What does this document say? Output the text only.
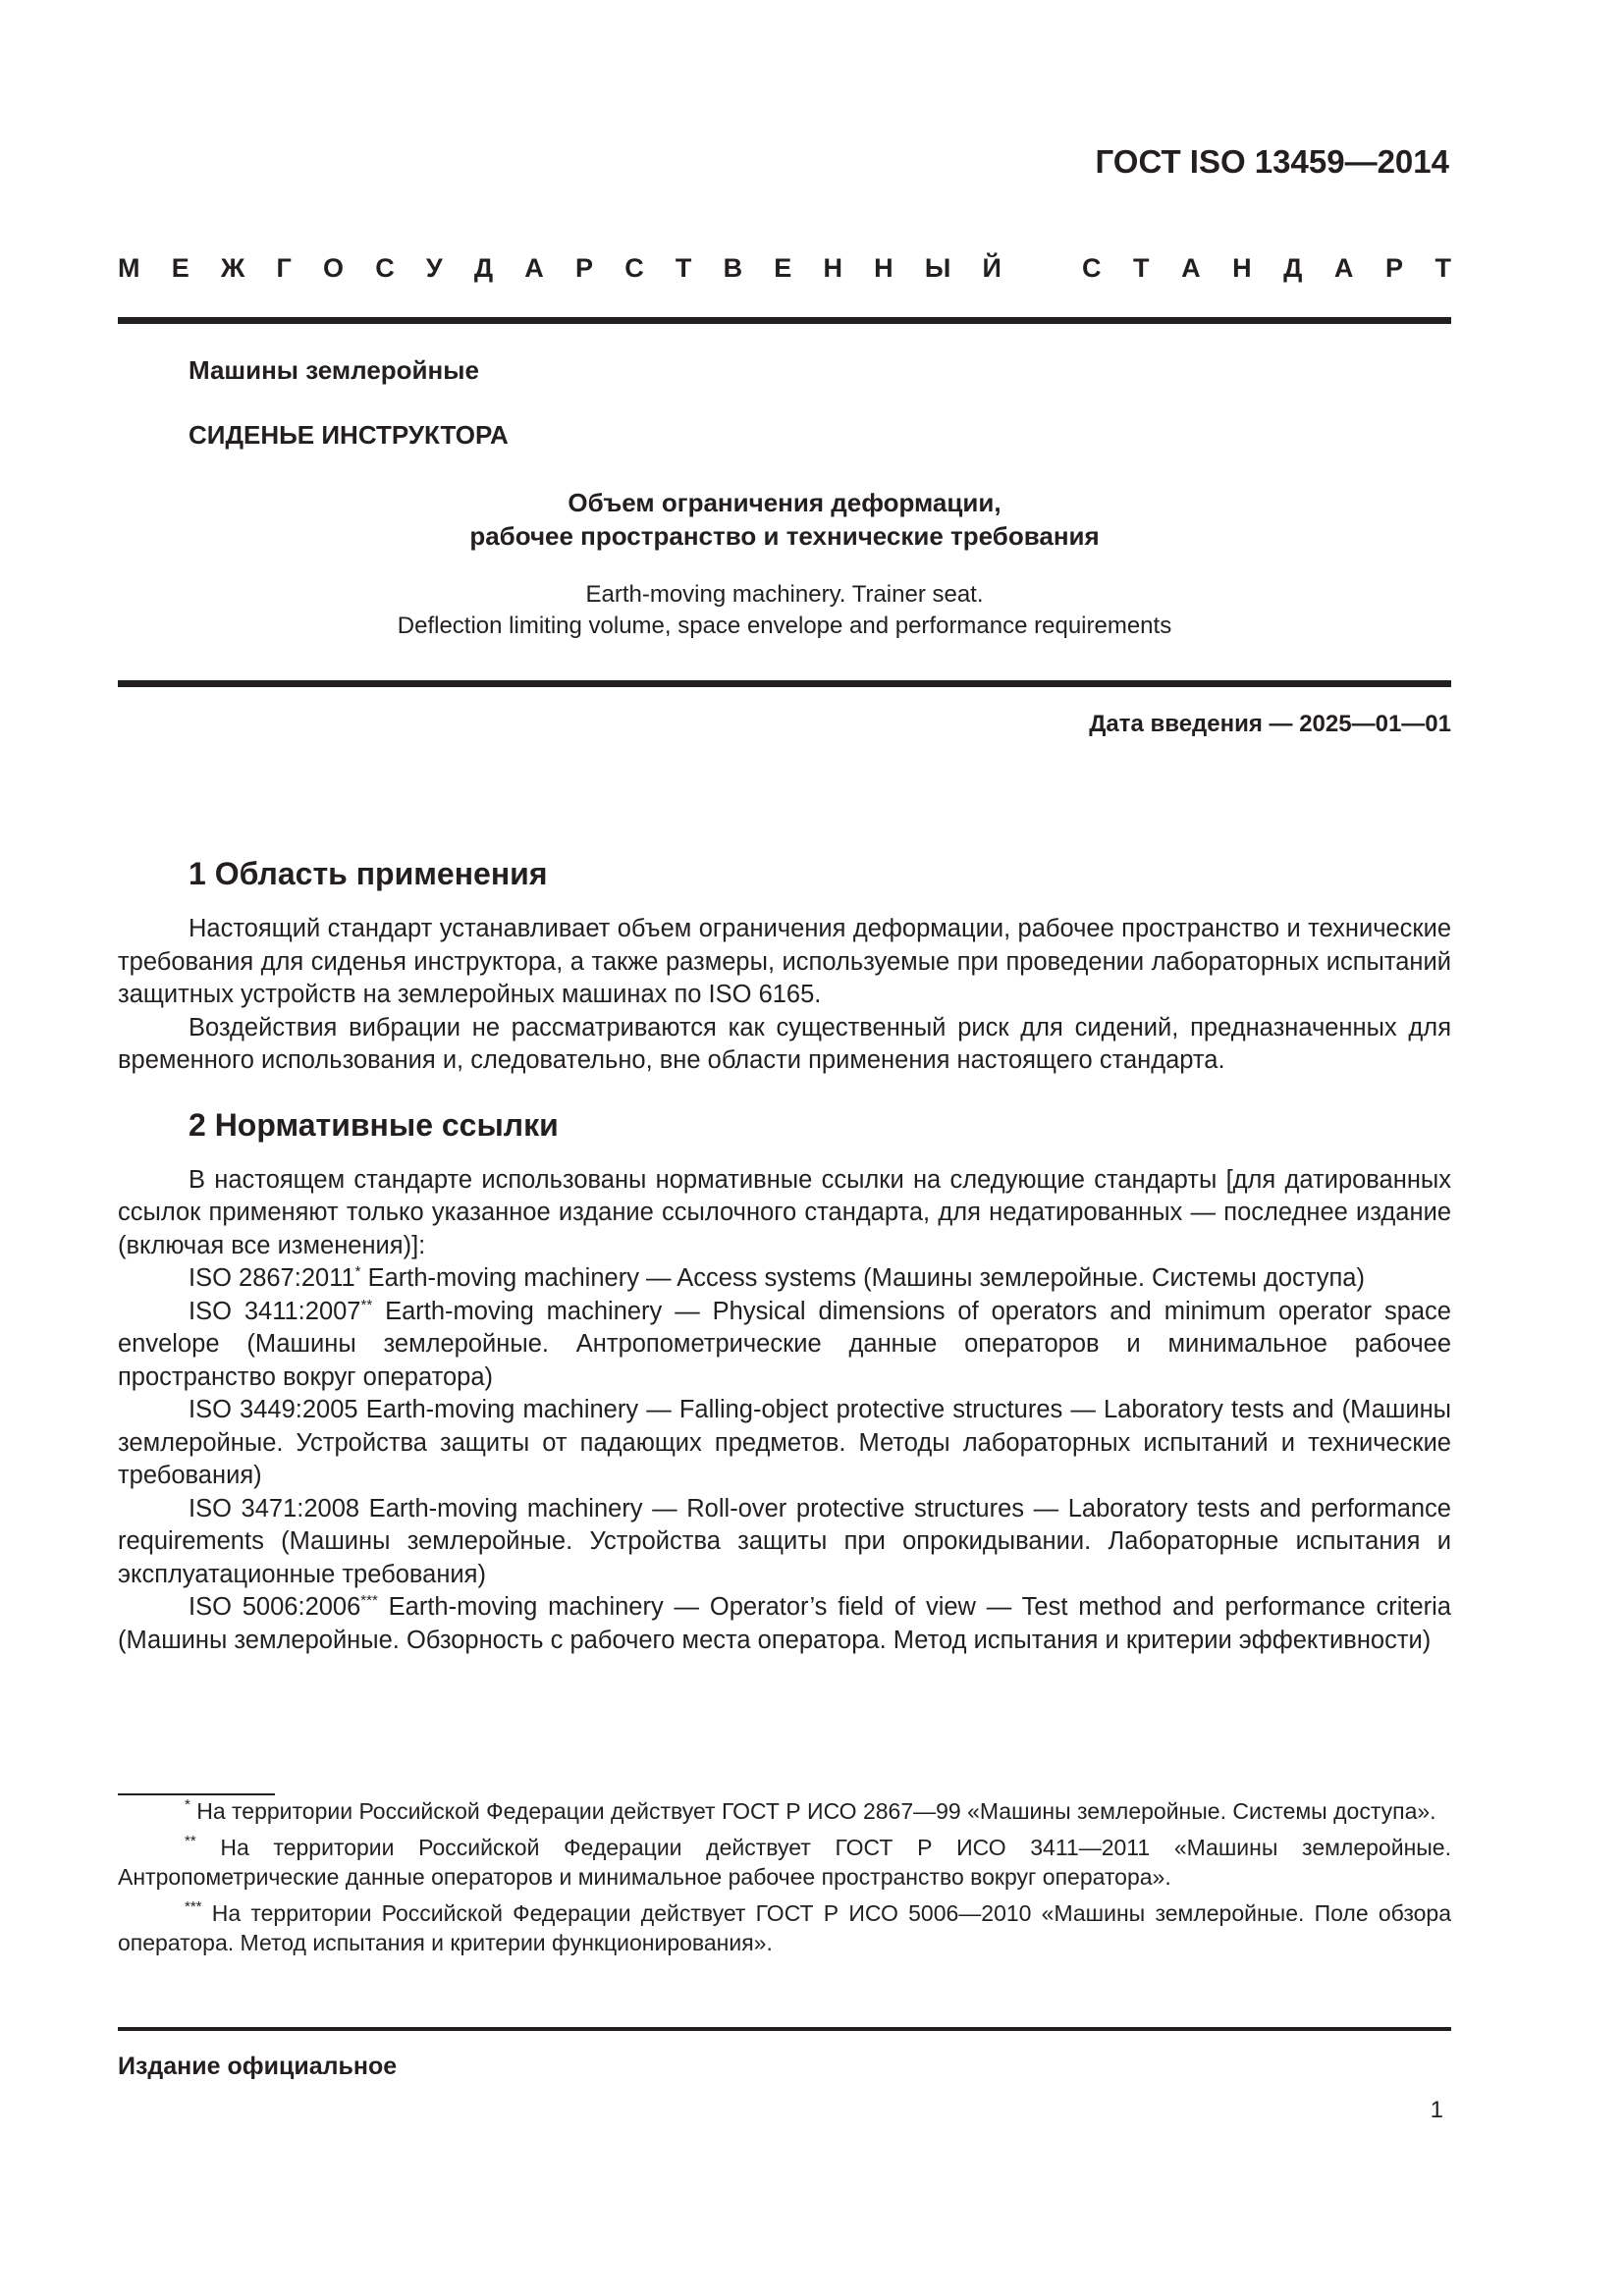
ГОСТ ISO 13459—2014
М Е Ж Г О С У Д А Р С Т В Е Н Н Ы Й	С Т А Н Д А Р Т

Машины землеройные

СИДЕНЬЕ ИНСТРУКТОРА

Объем ограничения деформации,
рабочее пространство и технические требования
Earth-moving machinery. Trainer seat.
Deflection limiting volume, space envelope and performance requirements
Дата введения — 2025—01—01
1 Область применения

Настоящий стандарт устанавливает объем ограничения деформации, рабочее пространство и технические требования для сиденья инструктора, а также размеры, используемые при проведении лабораторных испытаний защитных устройств на землеройных машинах по ISO 6165.

Воздействия вибрации не рассматриваются как существенный риск для сидений, предназначенных для временного использования и, следовательно, вне области применения настоящего стандарта.

2 Нормативные ссылки

В настоящем стандарте использованы нормативные ссылки на следующие стандарты [для датированных ссылок применяют только указанное издание ссылочного стандарта, для недатированных — последнее издание (включая все изменения)]:

ISO 2867:2011* Earth-moving machinery — Access systems (Машины землеройные. Системы доступа)

ISO 3411:2007** Earth-moving machinery — Physical dimensions of operators and minimum operator space envelope (Машины землеройные. Антропометрические данные операторов и минимальное рабочее пространство вокруг оператора)

ISO 3449:2005 Earth-moving machinery — Falling-object protective structures — Laboratory tests and (Машины землеройные. Устройства защиты от падающих предметов. Методы лабораторных испытаний и технические требования)

ISO 3471:2008 Earth-moving machinery — Roll-over protective structures — Laboratory tests and performance requirements (Машины землеройные. Устройства защиты при опрокидывании. Лабораторные испытания и эксплуатационные требования)

ISO 5006:2006*** Earth-moving machinery — Operator’s field of view — Test method and performance criteria (Машины землеройные. Обзорность с рабочего места оператора. Метод испытания и критерии эффективности)

* На территории Российской Федерации действует ГОСТ Р ИСО 2867—99 «Машины землеройные. Системы доступа».

** На территории Российской Федерации действует ГОСТ Р ИСО 3411—2011 «Машины землеройные. Антропометрические данные операторов и минимальное рабочее пространство вокруг оператора».

*** На территории Российской Федерации действует ГОСТ Р ИСО 5006—2010 «Машины землеройные. Поле обзора оператора. Метод испытания и критерии функционирования».

Издание официальное
1
